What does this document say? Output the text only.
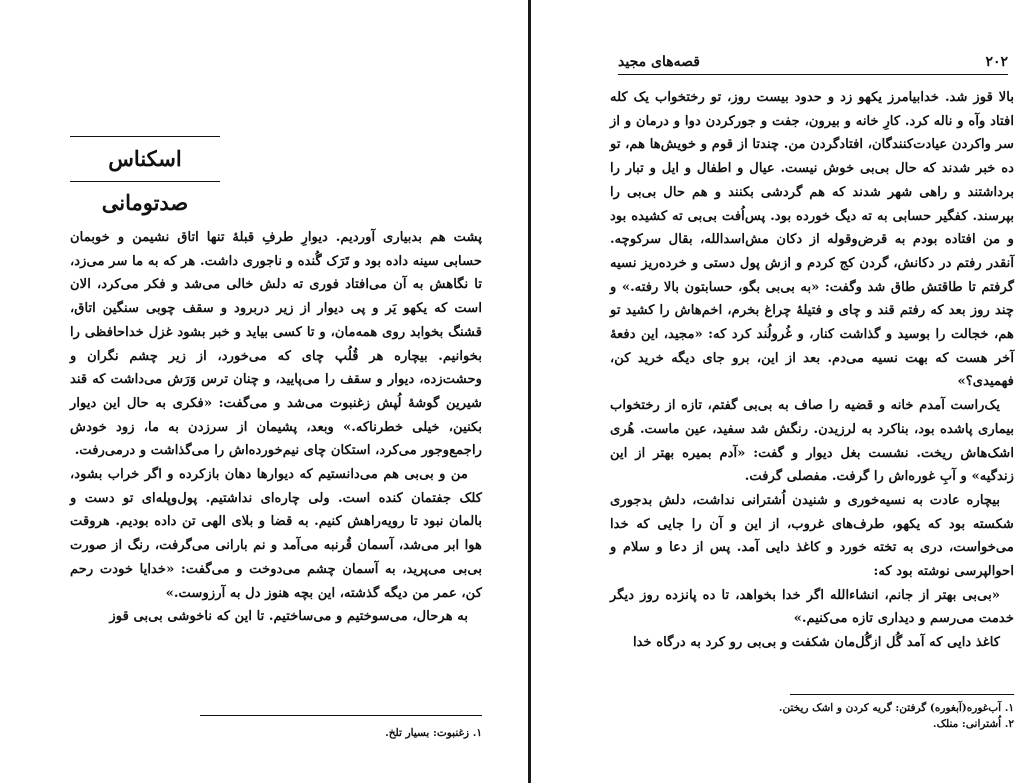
اسکناس صدتومانی

پشت هم بدبیاری آوردیم. دیوارِ طرفِ قبلهٔ تنها اتاق نشیمن و خوبمان حسابی سینه داده بود و تَرَک گُنده و ناجوری داشت. هر که به ما سر می‌زد، تا نگاهش به آن می‌افتاد فوری ته دلش خالی می‌شد و فکر می‌کرد، الان است که یکهو یَر و پی دیوار از زیر دربرود و سقف چوبی سنگین اتاق، قشنگ بخوابد روی همه‌مان، و تا کسی بیاید و خبر بشود غزل خداحافظی را بخوانیم. بیچاره هر قُلُپ چای که می‌خورد، از زیر چشم نگران و وحشت‌زده، دیوار و سقف را می‌پایید، و چنان ترس وَرَش می‌داشت که قند شیرین گوشهٔ لُپش زغنبوت می‌شد و می‌گفت: «فکری به حال این دیوار بکنین، خیلی خطرناکه.» وبعد، پشیمان از سرزدن به ما، زود خودش راجمع‌وجور می‌کرد، استکان چای نیم‌خورده‌اش را می‌گذاشت و درمی‌رفت.

من و بی‌بی هم می‌دانستیم که دیوارها دهان بازکرده و اگر خراب بشود، کلک جفتمان کنده است. ولی چاره‌ای نداشتیم. پول‌وپله‌ای تو دست و بالمان نبود تا رویه‌راهش کنیم. به قضا و بلای الهی تن داده بودیم. هروقت هوا ابر می‌شد، آسمان قُرنبه می‌آمد و نم بارانی می‌گرفت، رنگ از صورت بی‌بی می‌پرید، به آسمان چشم می‌دوخت و می‌گفت: «خدایا خودت رحم کن، عمر من دیگه گذشته، این بچه هنوز دل به آرزوست.»

به هرحال، می‌سوختیم و می‌ساختیم. تا این که ناخوشی بی‌بی قوز

۱. زغنبوت: بسیار تلخ.
۲۰۲
قصه‌های مجید

بالا قوز شد. خدابیامرز یکهو زد و حدود بیست روز، تو رختخواب یک کله افتاد وآه و ناله کرد. کارِ خانه و بیرون، جفت و جورکردن دوا و درمان و از سر واکردن عیادت‌کنندگان، افتادگردن من. چندتا از قوم و خویش‌ها هم، تو ده خبر شدند که حال بی‌بی خوش نیست. عیال و اطفال و ایل و تبار را برداشتند و راهی شهر شدند که هم گردشی بکنند و هم حال بی‌بی را بپرسند. کفگیر حسابی به ته دیگ خورده بود. پس‌اُفت بی‌بی ته کشیده بود و من افتاده بودم به قرض‌وقوله از دکان مش‌اسدالله، بقال سرکوچه. آنقدر رفتم در دکانش، گردن کج کردم و ازش پول دستی و خرده‌ریز نسیه گرفتم تا طاقتش طاق شد وگفت: «به بی‌بی بگو، حسابتون بالا رفته.» و چند روز بعد که رفتم قند و چای و فتیلهٔ چراغ بخرم، اخم‌هاش را کشید تو هم، خجالت را بوسید و گذاشت کنار، و غُرولُند کرد که: «مجید، این دفعهٔ آخر هست که بهت نسیه می‌دم. بعد از این، برو جای دیگه خرید کن، فهمیدی؟»

یک‌راست آمدم خانه و قضیه را صاف به بی‌بی گفتم، تازه از رختخواب بیماری پاشده بود، بناکرد به لرزیدن. رنگش شد سفید، عین ماست. هُری اشک‌هاش ریخت. نشست بغل دیوار و گفت: «آدم بمیره بهتر از این زندگیه» و آبِ غوره‌اش را گرفت. مفصلی گرفت.

بیچاره عادت به نسیه‌خوری و شنیدن اُشترانی نداشت، دلش بدجوری شکسته بود که یکهو، طرف‌های غروب، از این و آن را جایی که خدا می‌خواست، دری به تخته خورد و کاغذ دایی آمد. پس از دعا و سلام و احوالپرسی نوشته بود که:

«بی‌بی بهتر از جانم، انشاءالله اگر خدا بخواهد، تا ده پانزده روز دیگر خدمت می‌رسم و دیداری تازه می‌کنیم.»

کاغذ دایی که آمد گُل ازگُل‌مان شکفت و بی‌بی رو کرد به درگاه خدا

۱. آب‌غوره(آبغوره) گرفتن: گریه کردن و اشک ریختن.
۲. اُشترانی: منلک.
